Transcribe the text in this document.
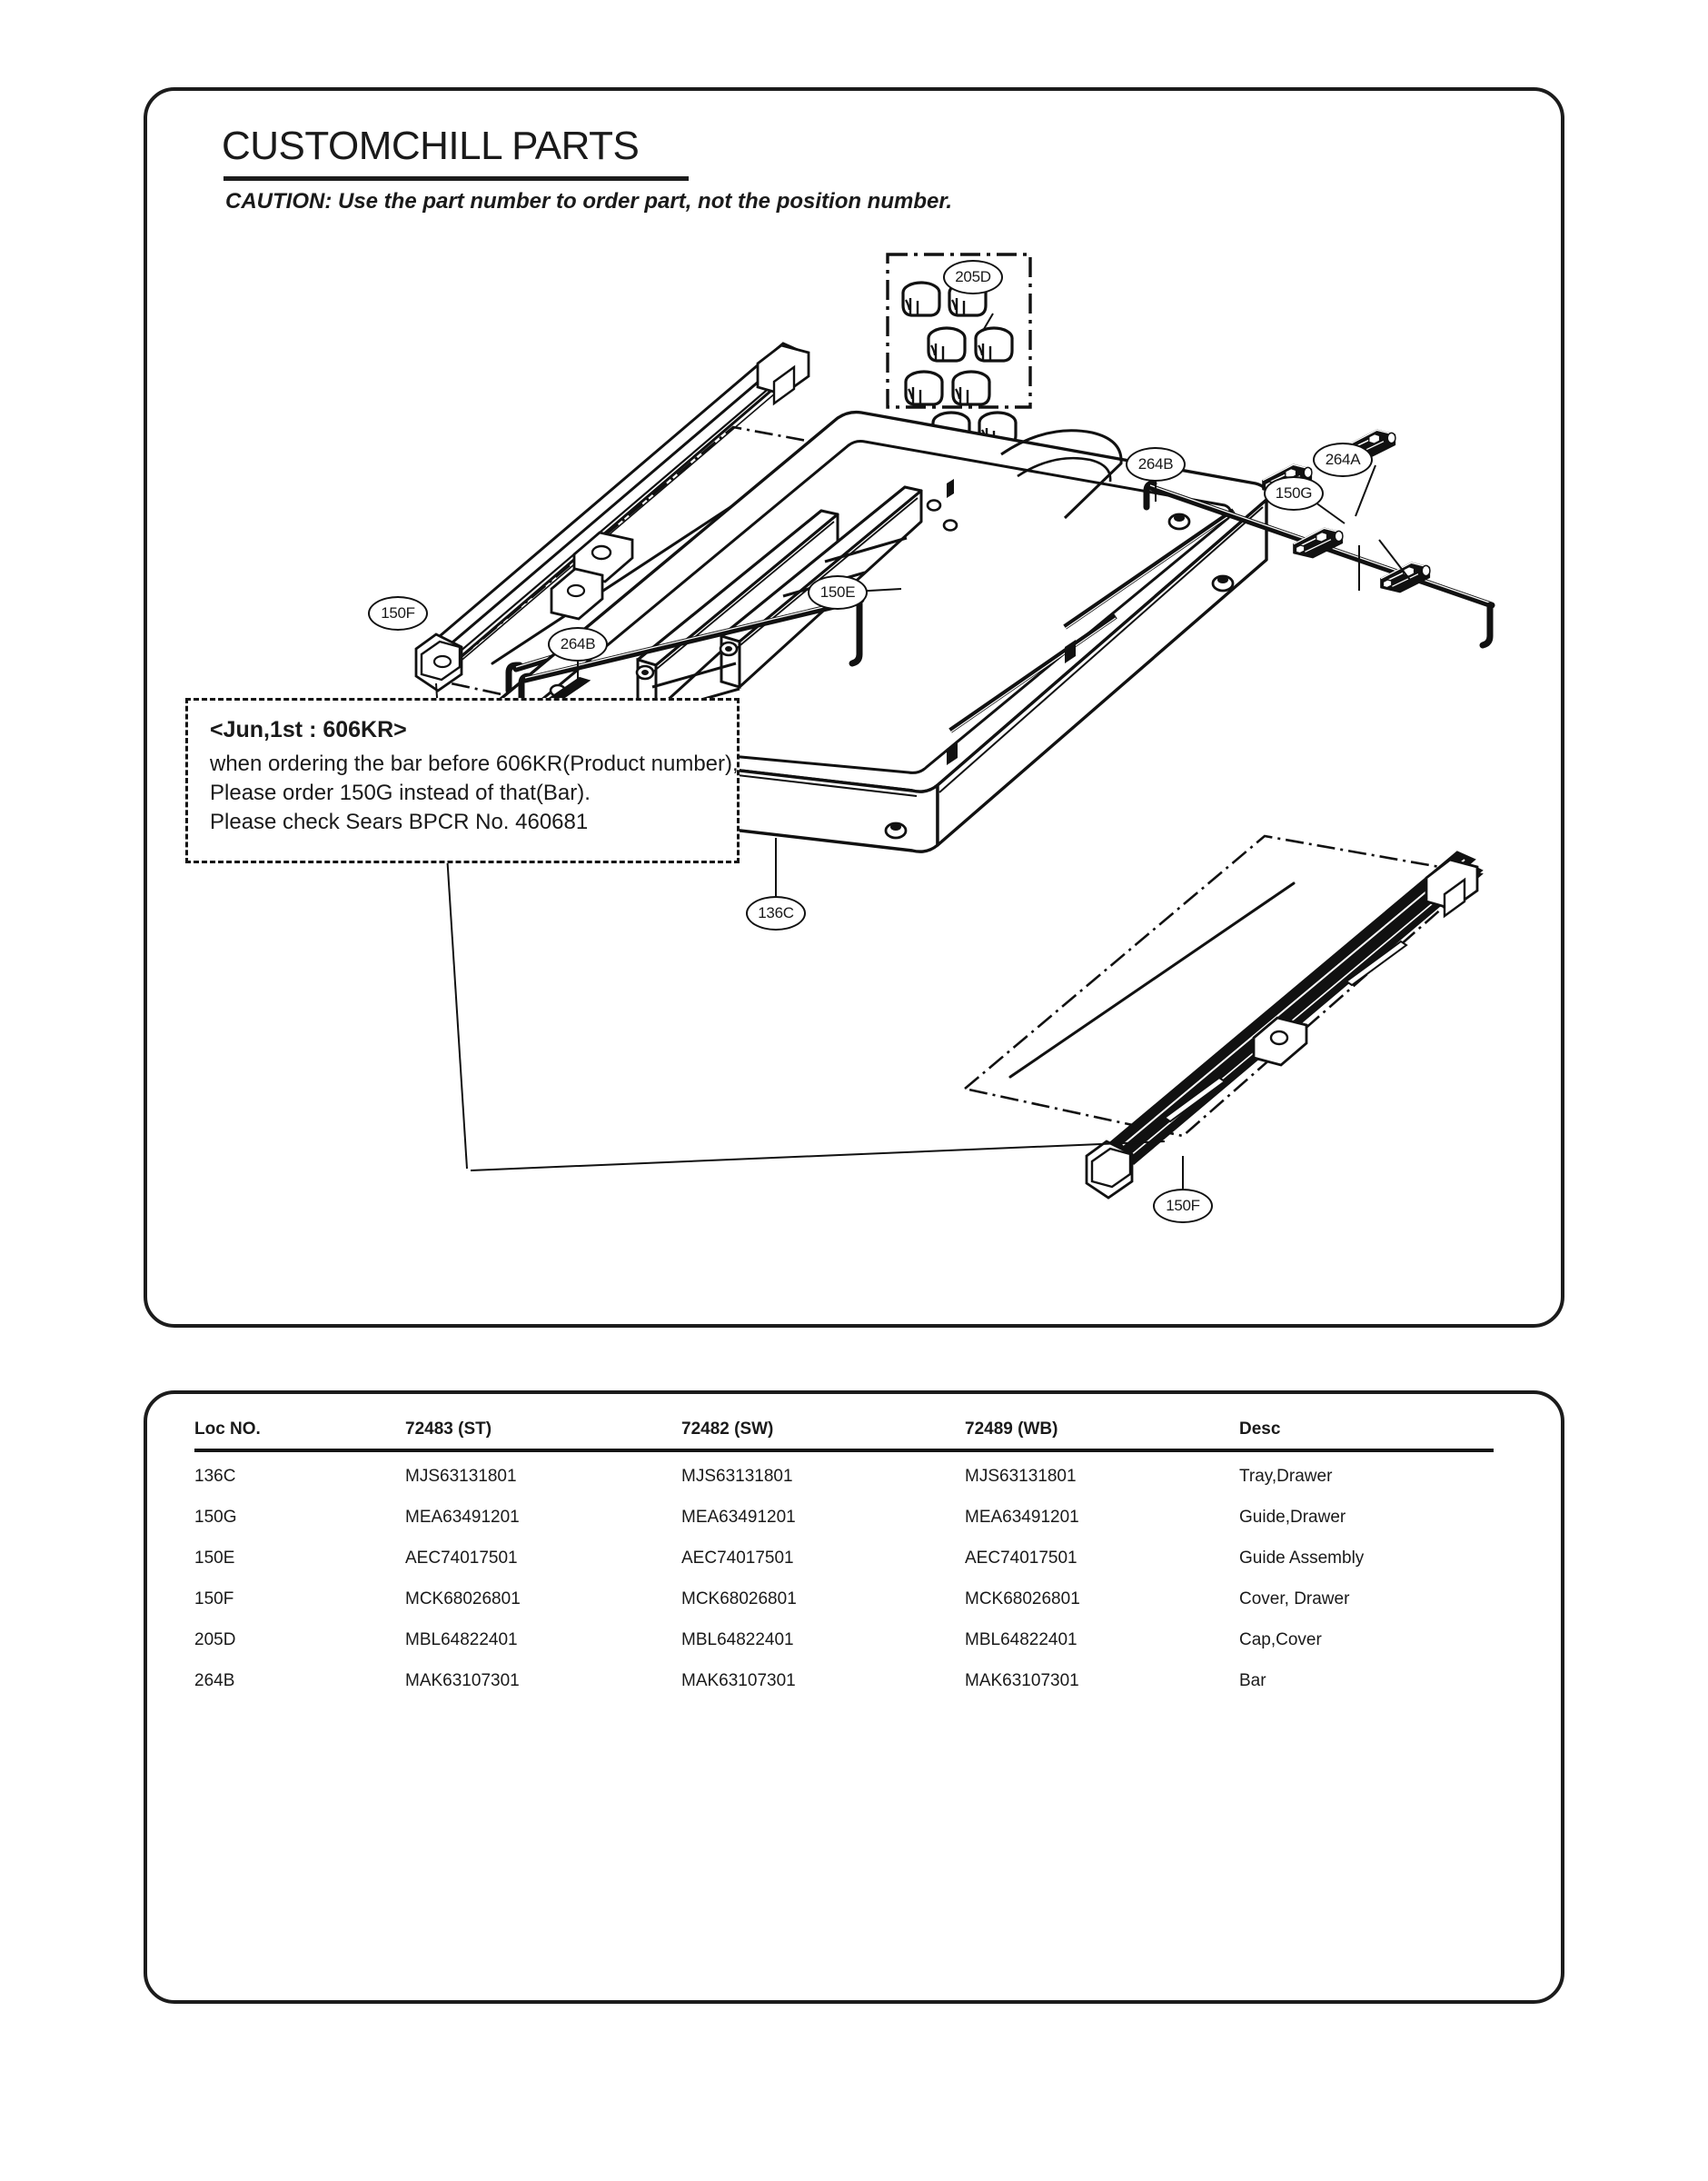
CUSTOMCHILL PARTS
CAUTION: Use the part number to order part, not the position number.
205D
150F
264B
264B	264A
150G
150E
136C
150F
<Jun,1st : 606KR>
when ordering the bar before 606KR(Product number),
Please order 150G instead of that(Bar).
Please check Sears BPCR No. 460681
Loc NO.	72483 (ST)	72482 (SW)	72489 (WB)	Desc
136C	MJS63131801	MJS63131801	MJS63131801	Tray,Drawer
150G	MEA63491201	MEA63491201	MEA63491201	Guide,Drawer
150E	AEC74017501	AEC74017501	AEC74017501	Guide Assembly
150F	MCK68026801	MCK68026801	MCK68026801	Cover, Drawer
205D	MBL64822401	MBL64822401	MBL64822401	Cap,Cover
264B	MAK63107301	MAK63107301	MAK63107301	Bar
